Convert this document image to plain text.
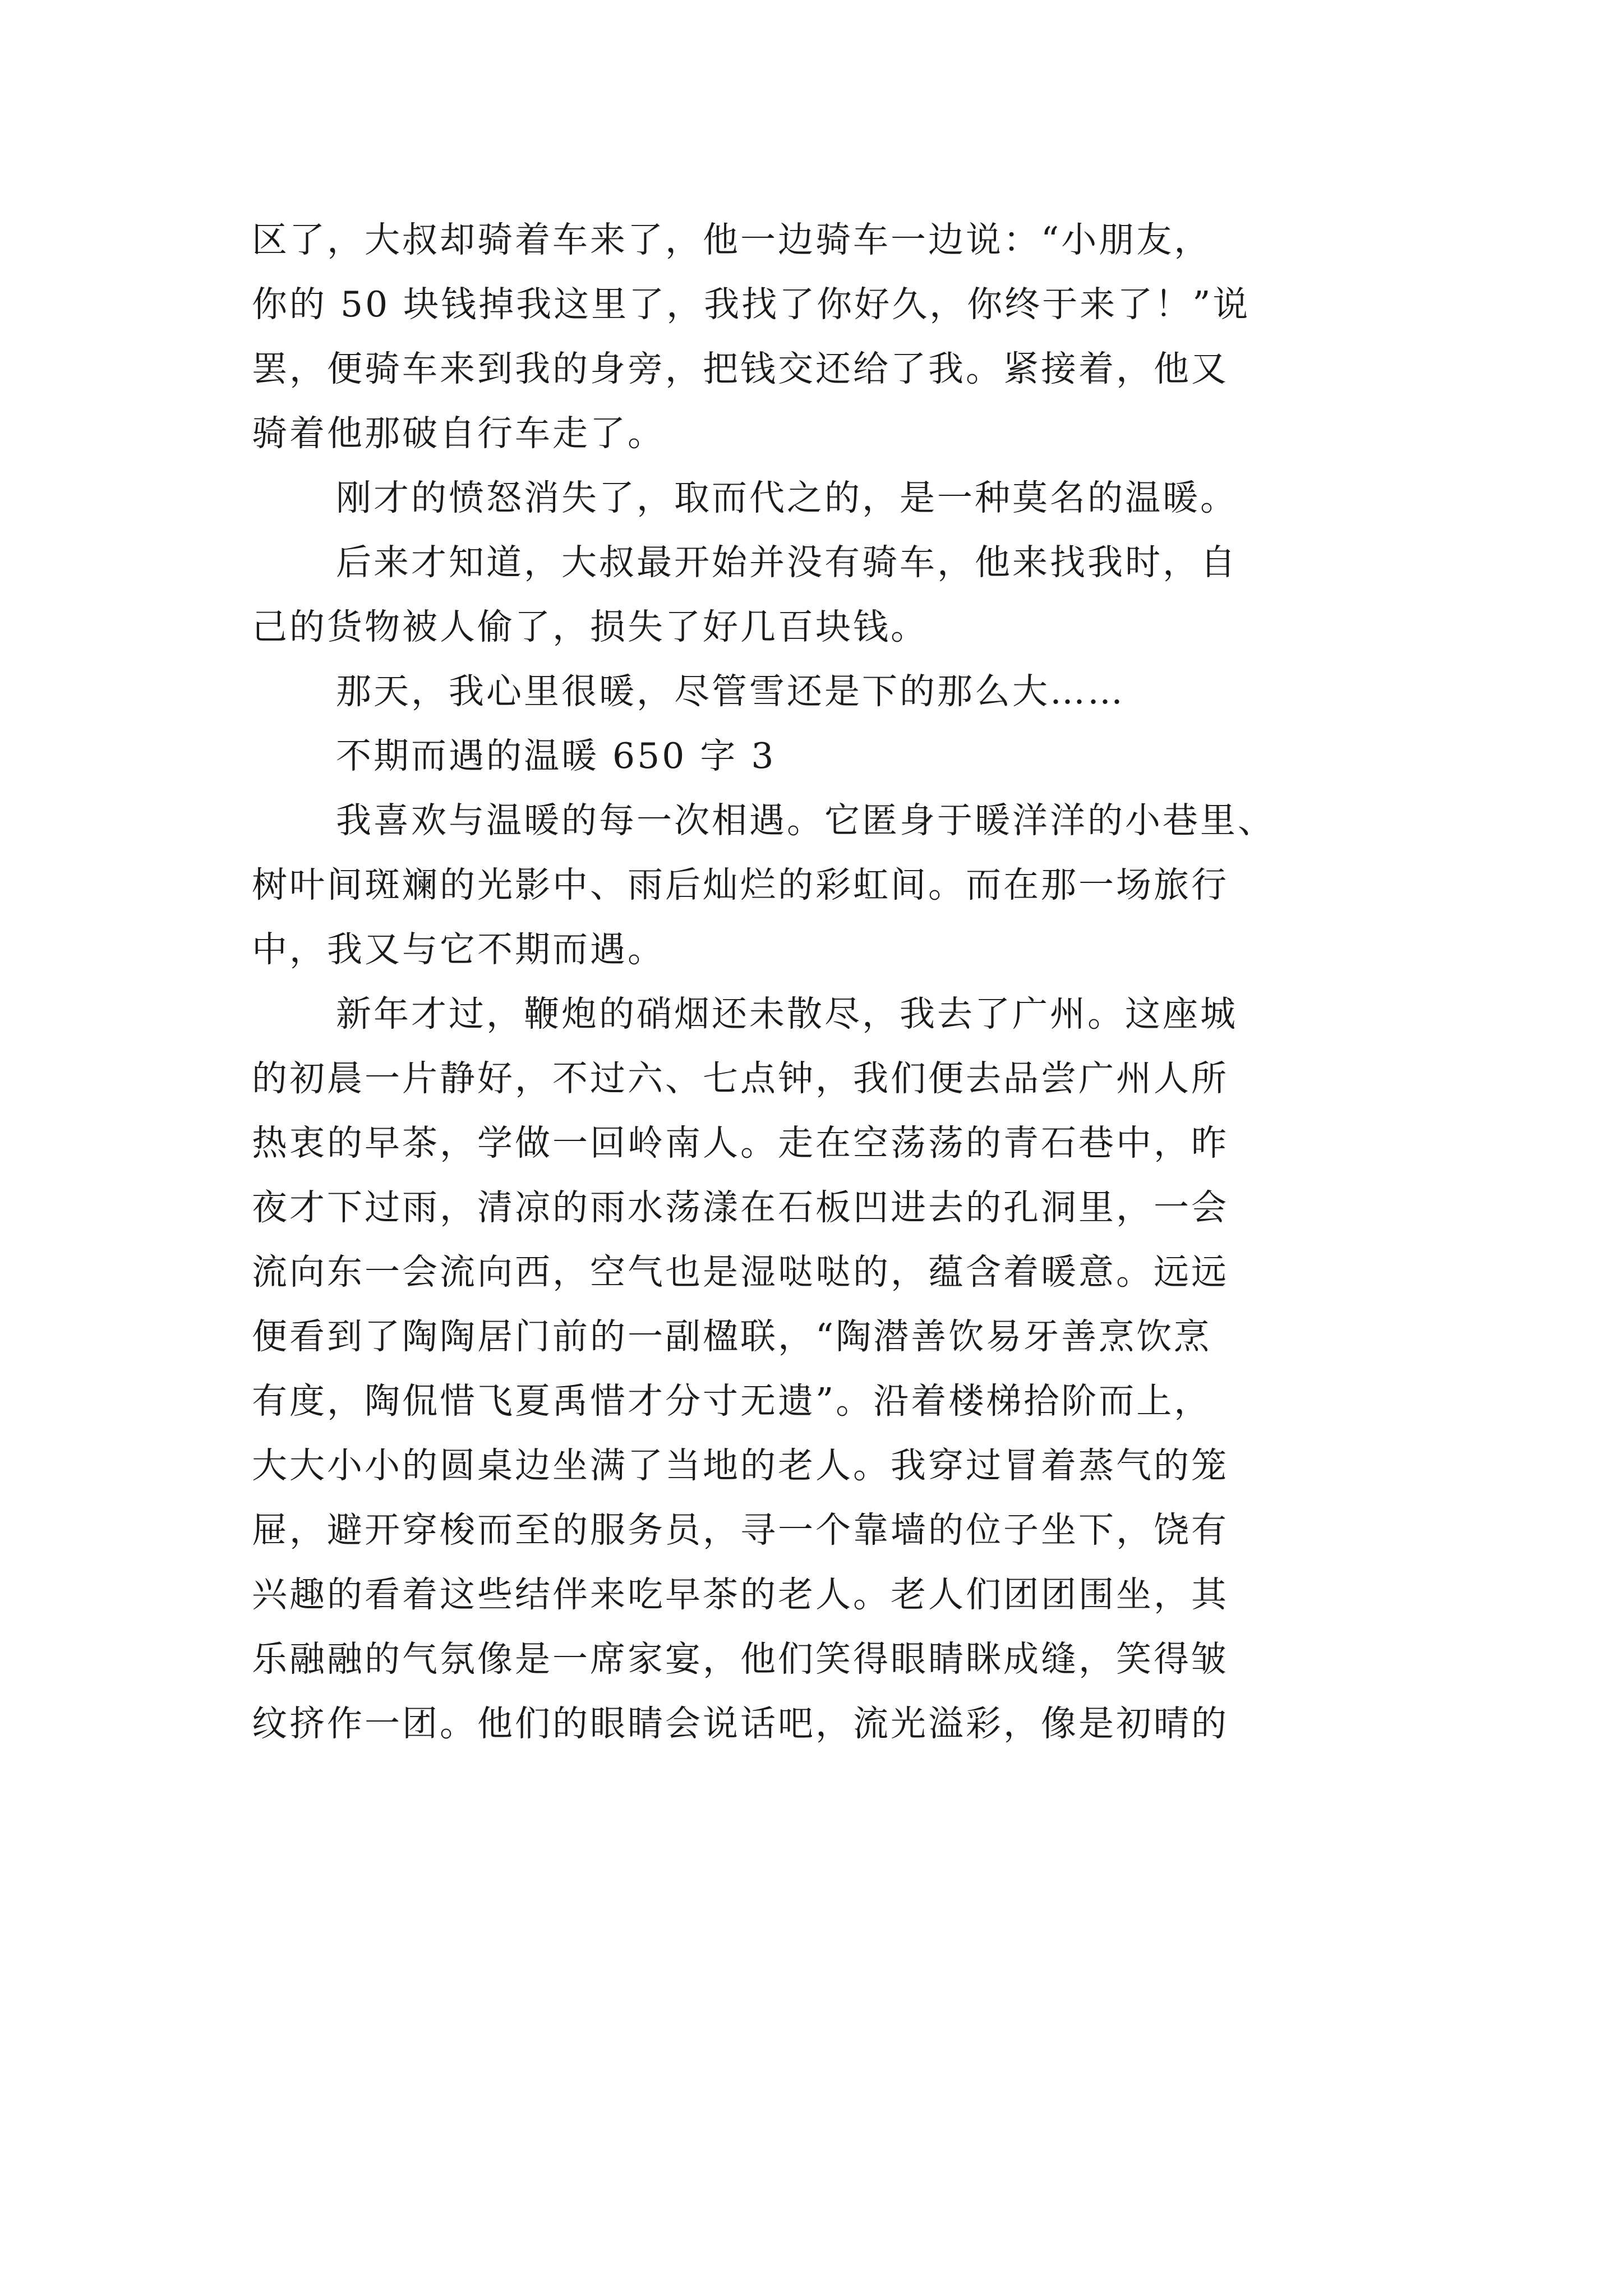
区了，大叔却骑着车来了，他一边骑车一边说：“小朋友，
你的 50 块钱掉我这里了，我找了你好久，你终于来了！”说
罢，便骑车来到我的身旁，把钱交还给了我。紧接着，他又
骑着他那破自行车走了。
刚才的愤怒消失了，取而代之的，是一种莫名的温暖。
后来才知道，大叔最开始并没有骑车，他来找我时，自
己的货物被人偷了，损失了好几百块钱。
那天，我心里很暖，尽管雪还是下的那么大……
不期而遇的温暖 650 字 3
我喜欢与温暖的每一次相遇。它匿身于暖洋洋的小巷里、
树叶间斑斓的光影中、雨后灿烂的彩虹间。而在那一场旅行
中，我又与它不期而遇。
新年才过，鞭炮的硝烟还未散尽，我去了广州。这座城
的初晨一片静好，不过六、七点钟，我们便去品尝广州人所
热衷的早茶，学做一回岭南人。走在空荡荡的青石巷中，昨
夜才下过雨，清凉的雨水荡漾在石板凹进去的孔洞里，一会
流向东一会流向西，空气也是湿哒哒的，蕴含着暖意。远远
便看到了陶陶居门前的一副楹联，“陶潜善饮易牙善烹饮烹
有度，陶侃惜飞夏禹惜才分寸无遗”。沿着楼梯拾阶而上，
大大小小的圆桌边坐满了当地的老人。我穿过冒着蒸气的笼
屉，避开穿梭而至的服务员，寻一个靠墙的位子坐下，饶有
兴趣的看着这些结伴来吃早茶的老人。老人们团团围坐，其
乐融融的气氛像是一席家宴，他们笑得眼睛眯成缝，笑得皱
纹挤作一团。他们的眼睛会说话吧，流光溢彩，像是初晴的
